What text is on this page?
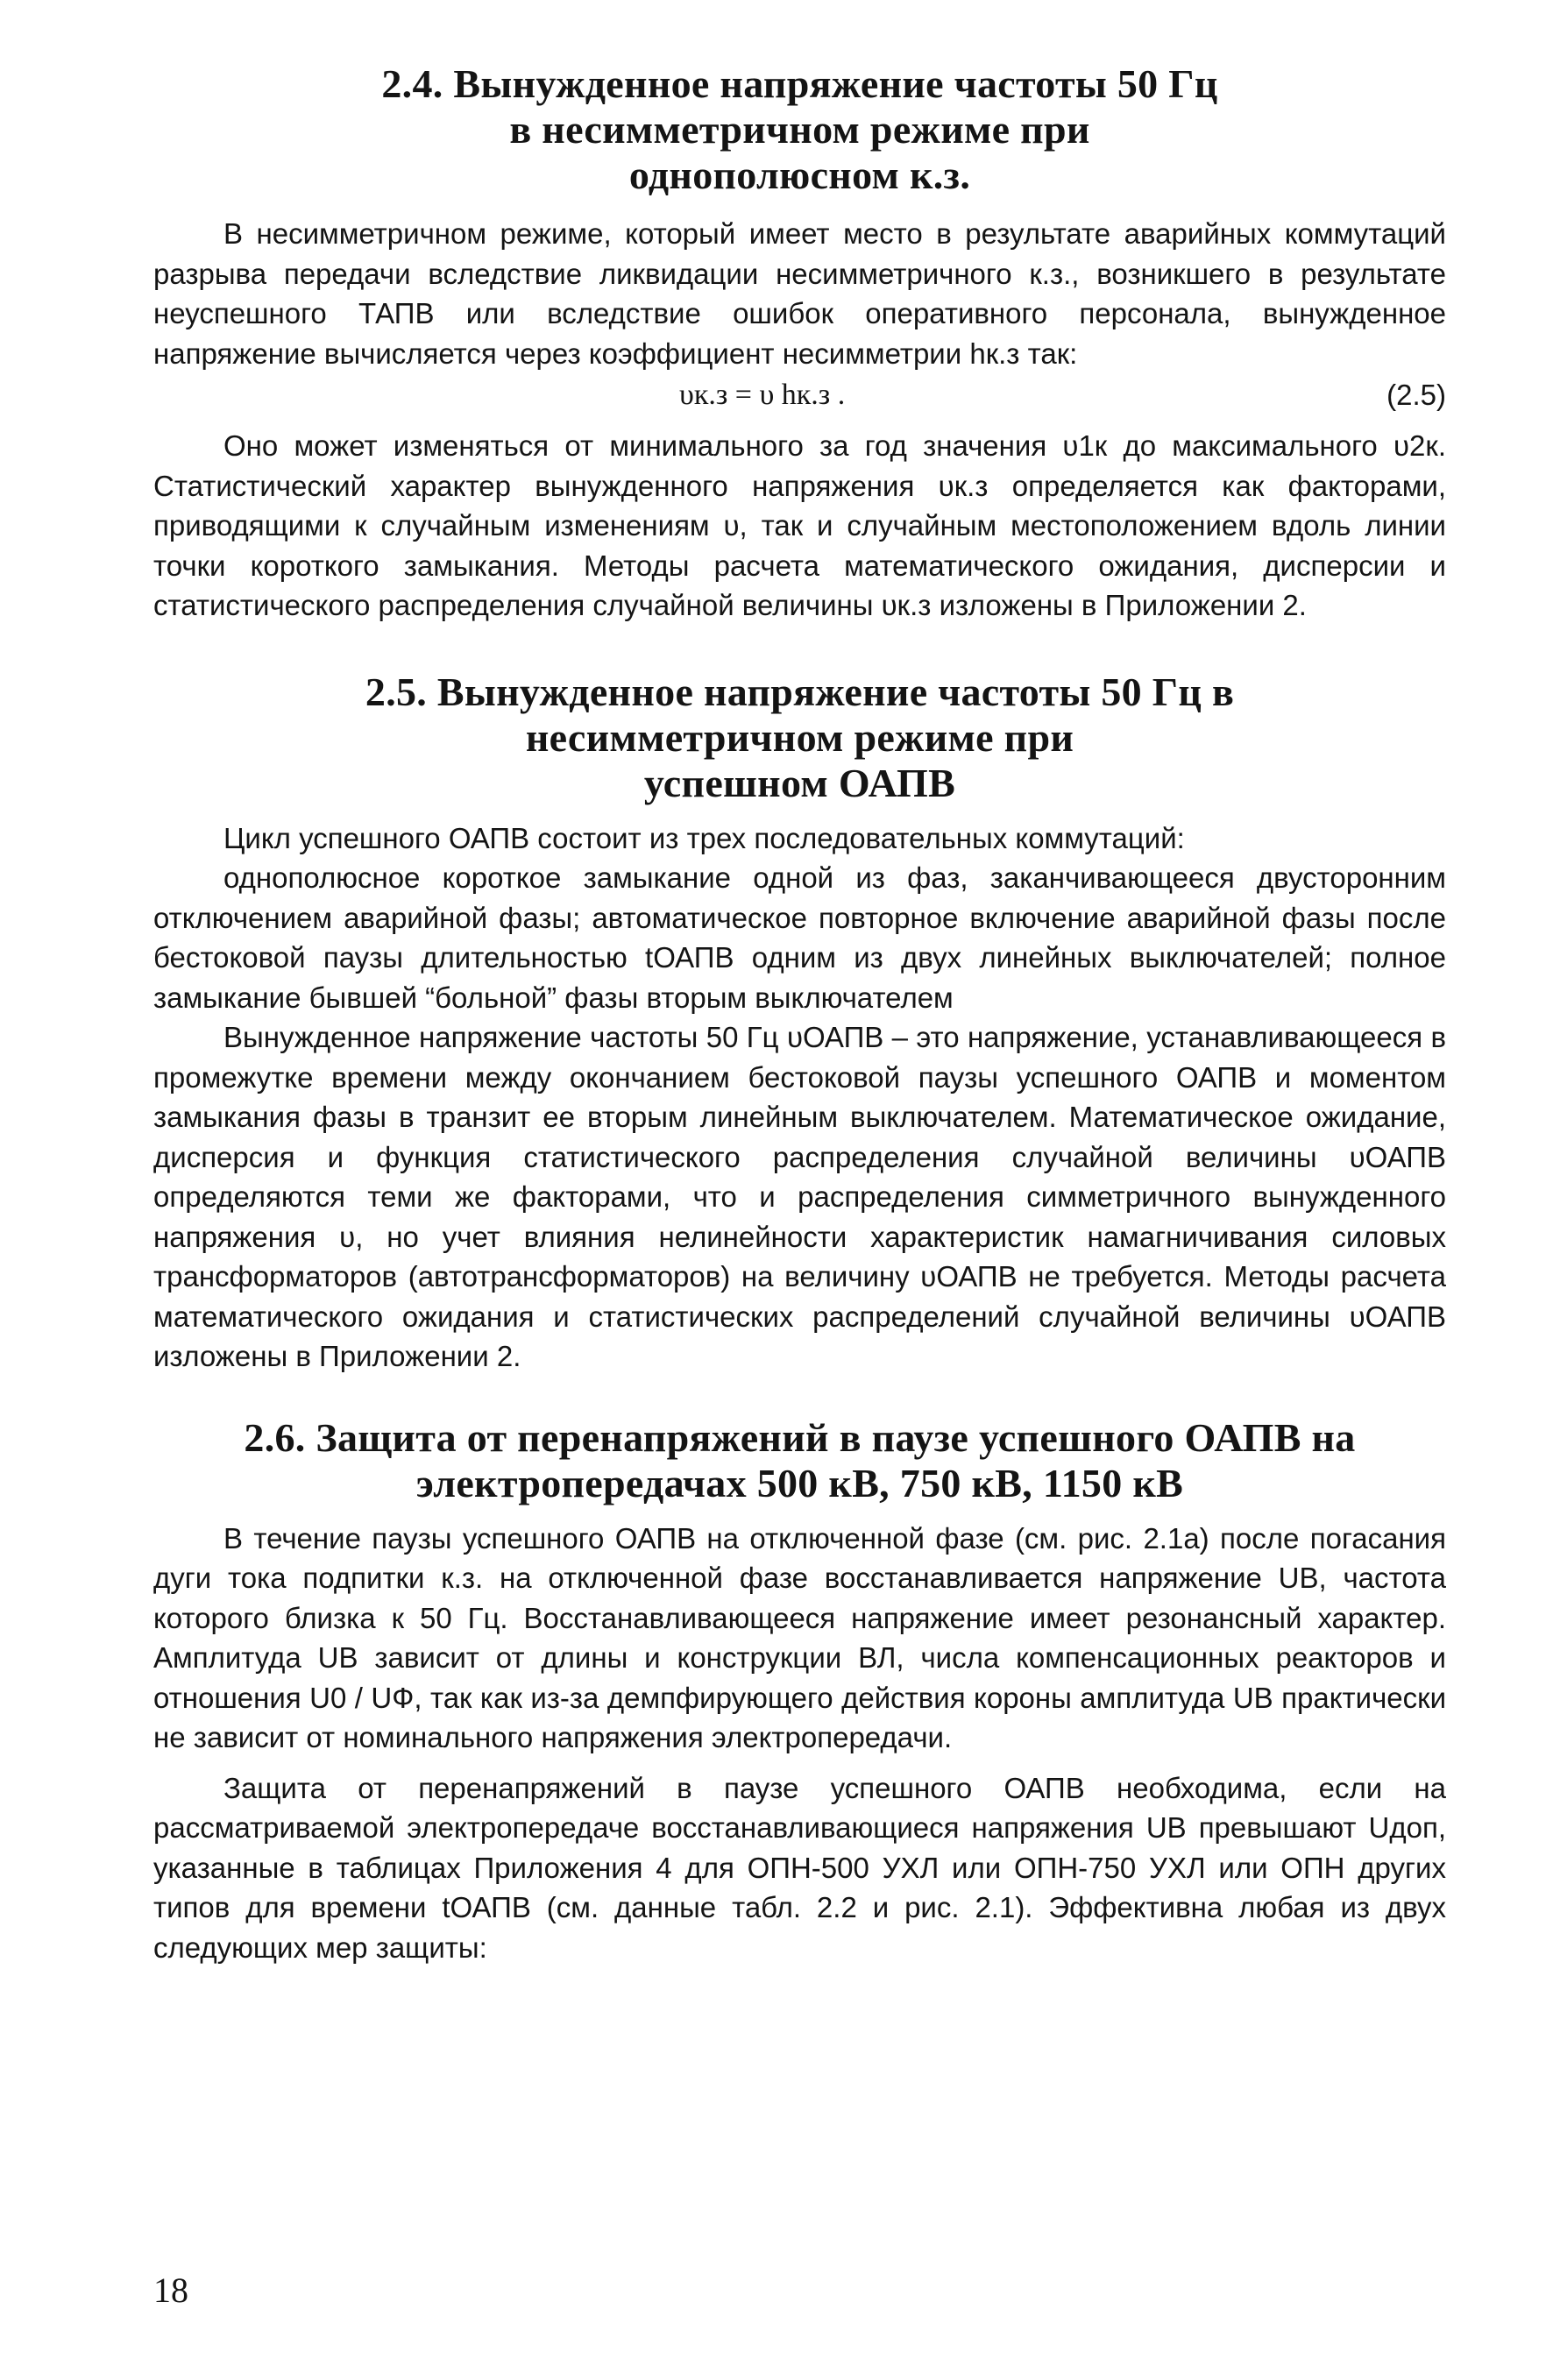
2.4. Вынужденное напряжение частоты 50 Гц
в несимметричном режиме при
однополюсном к.з.

В несимметричном режиме, который имеет место в результате аварийных коммутаций разрыва передачи вследствие ликвидации несимметричного к.з., возникшего в результате неуспешного ТАПВ или вследствие ошибок оперативного персонала, вынужденное напряжение вычисляется через коэффициент несимметрии hк.з так:

υк.з = υ hк.з .	(2.5)

Оно может изменяться от минимального за год значения υ1к до максимального υ2к. Статистический характер вынужденного напряжения υк.з определяется как факторами, приводящими к случайным изменениям υ, так и случайным местоположением вдоль линии точки короткого замыкания. Методы расчета математического ожидания, дисперсии и статистического распределения случайной величины υк.з изложены в Приложении 2.

2.5. Вынужденное напряжение частоты 50 Гц в
несимметричном режиме при
успешном ОАПВ

Цикл успешного ОАПВ состоит из трех последовательных коммутаций:

однополюсное короткое замыкание одной из фаз, заканчивающееся двусторонним отключением аварийной фазы; автоматическое повторное включение аварийной фазы после бестоковой паузы длительностью tОАПВ одним из двух линейных выключателей; полное замыкание бывшей “больной” фазы вторым выключателем

Вынужденное напряжение частоты 50 Гц υОАПВ – это напряжение, устанавливающееся в промежутке времени между окончанием бестоковой паузы успешного ОАПВ и моментом замыкания фазы в транзит ее вторым линейным выключателем. Математическое ожидание, дисперсия и функция статистического распределения случайной величины υОАПВ определяются теми же факторами, что и распределения симметричного вынужденного напряжения υ, но учет влияния нелинейности характеристик намагничивания силовых трансформаторов (автотрансформаторов) на величину υОАПВ не требуется. Методы расчета математического ожидания и статистических распределений случайной величины υОАПВ изложены в Приложении 2.

2.6. Защита от перенапряжений в паузе успешного ОАПВ на
электропередачах 500 кВ, 750 кВ, 1150 кВ

В течение паузы успешного ОАПВ на отключенной фазе (см. рис. 2.1а) после погасания дуги тока подпитки к.з. на отключенной фазе восстанавливается напряжение UВ, частота которого близка к 50 Гц. Восстанавливающееся напряжение имеет резонансный характер. Амплитуда UВ зависит от длины и конструкции ВЛ, числа компенсационных реакторов и отношения U0 / UФ, так как из-за демпфирующего действия короны амплитуда UВ практически не зависит от номинального напряжения электропередачи.

Защита от перенапряжений в паузе успешного ОАПВ необходима, если на рассматриваемой электропередаче восстанавливающиеся напряжения UВ превышают Uдоп, указанные в таблицах Приложения 4 для ОПН-500 УХЛ или ОПН-750 УХЛ или ОПН других типов для времени tОАПВ (см. данные табл. 2.2 и рис. 2.1). Эффективна любая из двух следующих мер защиты:

18
